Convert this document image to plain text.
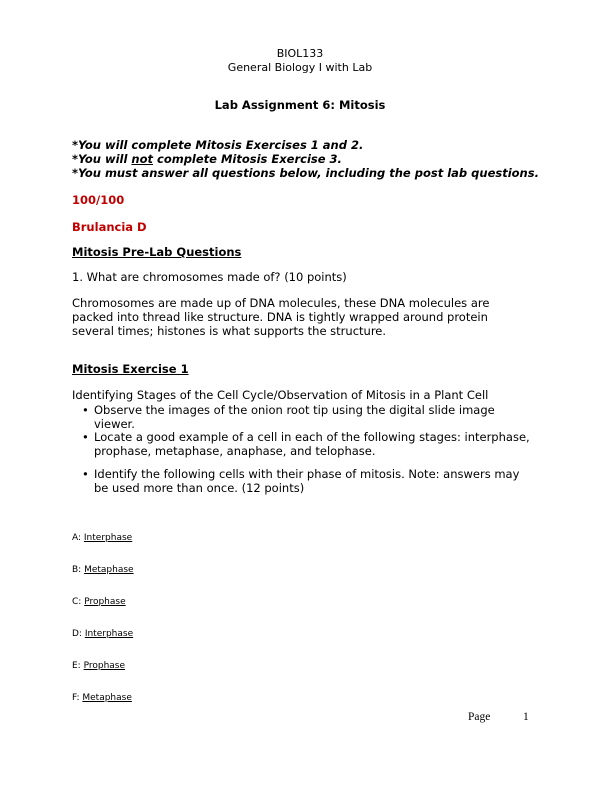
BIOL133
General Biology I with Lab
Lab Assignment 6: Mitosis
*You will complete Mitosis Exercises 1 and 2.
*You will not complete Mitosis Exercise 3.
*You must answer all questions below, including the post lab questions.
100/100
Brulancia D
Mitosis Pre-Lab Questions
1. What are chromosomes made of? (10 points)
Chromosomes are made up of DNA molecules, these DNA molecules are packed into thread like structure. DNA is tightly wrapped around protein several times; histones is what supports the structure.
Mitosis Exercise 1
Identifying Stages of the Cell Cycle/Observation of Mitosis in a Plant Cell
• Observe the images of the onion root tip using the digital slide image viewer.
• Locate a good example of a cell in each of the following stages: interphase, prophase, metaphase, anaphase, and telophase.
• Identify the following cells with their phase of mitosis. Note: answers may be used more than once. (12 points)
A: Interphase
B: Metaphase
C: Prophase
D: Interphase
E: Prophase
F: Metaphase
Page	1
